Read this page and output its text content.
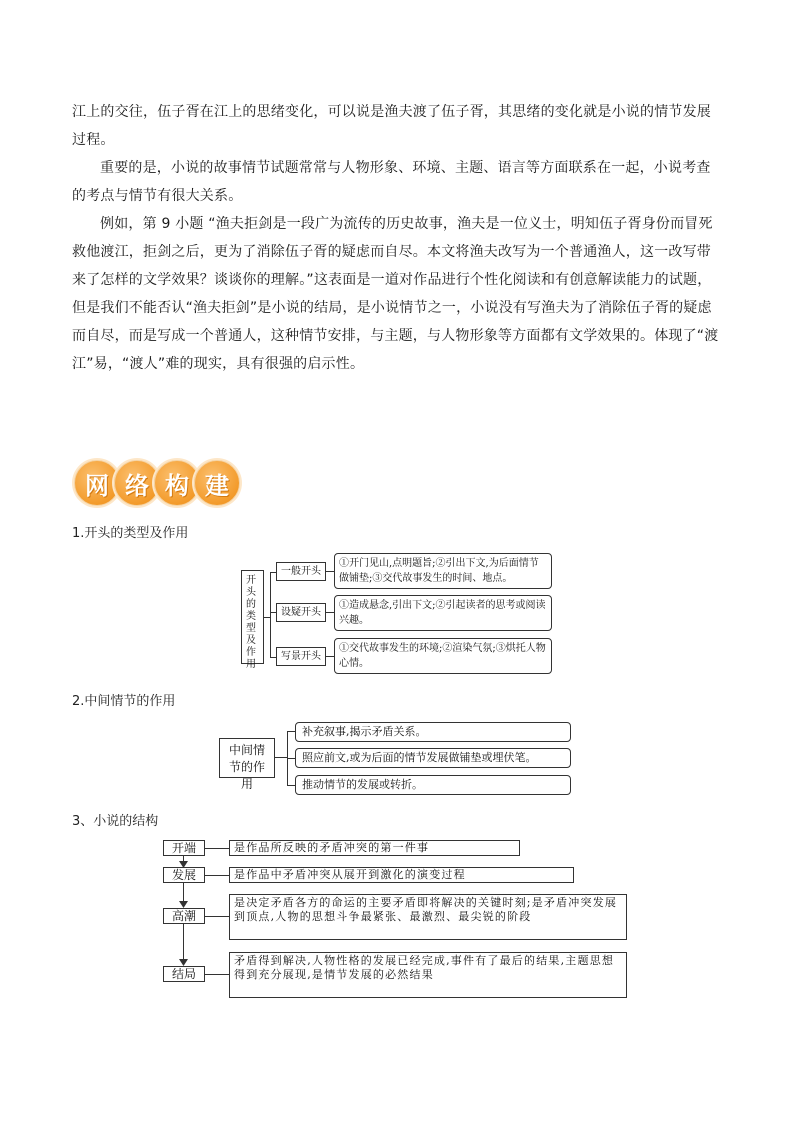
江上的交往，伍子胥在江上的思绪变化，可以说是渔夫渡了伍子胥，其思绪的变化就是小说的情节发展过程。

重要的是，小说的故事情节试题常常与人物形象、环境、主题、语言等方面联系在一起，小说考查的考点与情节有很大关系。

例如，第 9 小题 “渔夫拒剑是一段广为流传的历史故事，渔夫是一位义士，明知伍子胥身份而冒死救他渡江，拒剑之后，更为了消除伍子胥的疑虑而自尽。本文将渔夫改写为一个普通渔人，这一改写带来了怎样的文学效果？谈谈你的理解。”这表面是一道对作品进行个性化阅读和有创意解读能力的试题，但是我们不能否认“渔夫拒剑”是小说的结局，是小说情节之一，小说没有写渔夫为了消除伍子胥的疑虑而自尽，而是写成一个普通人，这种情节安排，与主题，与人物形象等方面都有文学效果的。体现了“渡江”易，“渡人”难的现实，具有很强的启示性。

网 络 构 建
1.开头的类型及作用
2.中间情节的作用
3、小说的结构
开头的类型及作用
一般开头
①开门见山,点明题旨;②引出下文,为后面情节做铺垫;③交代故事发生的时间、地点。
设疑开头
①造成悬念,引出下文;②引起读者的思考或阅读兴趣。
写景开头
①交代故事发生的环境;②渲染气氛;③烘托人物心情。
中间情节的作用
补充叙事,揭示矛盾关系。
照应前文,或为后面的情节发展做铺垫或埋伏笔。
推动情节的发展或转折。
开端	是作品所反映的矛盾冲突的第一件事
发展	是作品中矛盾冲突从展开到激化的演变过程
高潮
是决定矛盾各方的命运的主要矛盾即将解决的关键时刻;是矛盾冲突发展到顶点,人物的思想斗争最紧张、最激烈、最尖锐的阶段
结局
矛盾得到解决,人物性格的发展已经完成,事件有了最后的结果,主题思想得到充分展现,是情节发展的必然结果
